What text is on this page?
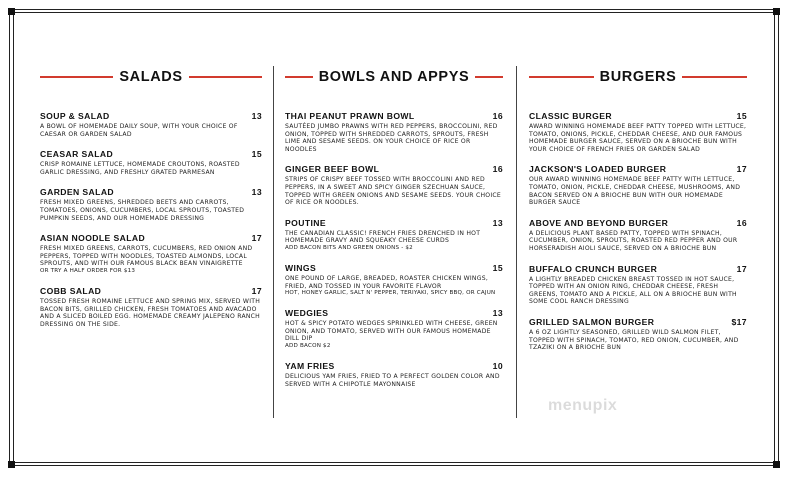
SALADS
SOUP & SALAD	13
A BOWL OF HOMEMADE DAILY SOUP, WITH YOUR CHOICE OF CAESAR OR GARDEN SALAD
CEASAR SALAD	15
CRISP ROMAINE LETTUCE, HOMEMADE CROUTONS, ROASTED GARLIC DRESSING, AND FRESHLY GRATED PARMESAN
GARDEN SALAD	13
FRESH MIXED GREENS, SHREDDED BEETS AND CARROTS, TOMATOES, ONIONS, CUCUMBERS, LOCAL SPROUTS, TOASTED PUMPKIN SEEDS, AND OUR HOMEMADE DRESSING
ASIAN NOODLE SALAD	17
FRESH MIXED GREENS, CARROTS, CUCUMBERS, RED ONION AND PEPPERS, TOPPED WITH NOODLES, TOASTED ALMONDS, LOCAL SPROUTS, AND WITH OUR FAMOUS BLACK BEAN VINAIGRETTE
OR TRY A HALF ORDER FOR $13
COBB SALAD	17
TOSSED FRESH ROMAINE LETTUCE AND SPRING MIX, SERVED WITH BACON BITS, GRILLED CHICKEN, FRESH TOMATOES AND AVACADO AND A SLICED BOILED EGG. HOMEMADE CREAMY JALEPENO RANCH DRESSING ON THE SIDE.
BOWLS AND APPYS
THAI PEANUT PRAWN BOWL	16
SAUTÉED JUMBO PRAWNS WITH RED PEPPERS, BROCCOLINI, RED ONION, TOPPED WITH SHREDDED CARROTS, SPROUTS, FRESH LIME AND SESAME SEEDS. ON YOUR CHOICE OF RICE OR NOODLES
GINGER BEEF BOWL	16
STRIPS OF CRISPY BEEF TOSSED WITH BROCCOLINI AND RED PEPPERS, IN A SWEET AND SPICY GINGER SZECHUAN SAUCE, TOPPED WITH GREEN ONIONS AND SESAME SEEDS. YOUR CHOICE OF RICE OR NOODLES.
POUTINE	13
THE CANADIAN CLASSIC! FRENCH FRIES DRENCHED IN HOT HOMEMADE GRAVY AND SQUEAKY CHEESE CURDS
ADD BACON BITS AND GREEN ONIONS - $2
WINGS	15
ONE POUND OF LARGE, BREADED, ROASTER CHICKEN WINGS, FRIED, AND TOSSED IN YOUR FAVORITE FLAVOR
HOT, HONEY GARLIC, SALT N' PEPPER, TERIYAKI, SPICY BBQ, OR CAJUN
WEDGIES	13
HOT & SPICY POTATO WEDGES SPRINKLED WITH CHEESE, GREEN ONION, AND TOMATO, SERVED WITH OUR FAMOUS HOMEMADE DILL DIP
ADD BACON $2
YAM FRIES	10
DELICIOUS YAM FRIES, FRIED TO A PERFECT GOLDEN COLOR AND SERVED WITH A CHIPOTLE MAYONNAISE
BURGERS
CLASSIC BURGER	15
AWARD WINNING HOMEMADE BEEF PATTY TOPPED WITH LETTUCE, TOMATO, ONIONS, PICKLE, CHEDDAR CHEESE, AND OUR FAMOUS HOMEMADE BURGER SAUCE, SERVED ON A BRIOCHE BUN WITH YOUR CHOICE OF FRENCH FRIES OR GARDEN SALAD
JACKSON'S LOADED BURGER	17
OUR AWARD WINNING HOMEMADE BEEF PATTY WITH LETTUCE, TOMATO, ONION, PICKLE, CHEDDAR CHEESE, MUSHROOMS, AND BACON SERVED ON A BRIOCHE BUN WITH OUR HOMEMADE BURGER SAUCE
ABOVE AND BEYOND BURGER	16
A DELICIOUS PLANT BASED PATTY, TOPPED WITH SPINACH, CUCUMBER, ONION, SPROUTS, ROASTED RED PEPPER AND OUR HORSERADISH AIOLI SAUCE, SERVED ON A BRIOCHE BUN
BUFFALO CRUNCH BURGER	17
A LIGHTLY BREADED CHICKEN BREAST TOSSED IN HOT SAUCE, TOPPED WITH AN ONION RING, CHEDDAR CHEESE, FRESH GREENS, TOMATO AND A PICKLE, ALL ON A BRIOCHE BUN WITH SOME COOL RANCH DRESSING
GRILLED SALMON BURGER	$17
A 6 OZ LIGHTLY SEASONED, GRILLED WILD SALMON FILET, TOPPED WITH SPINACH, TOMATO, RED ONION, CUCUMBER, AND TZAZIKI ON A BRIOCHE BUN
menupix
